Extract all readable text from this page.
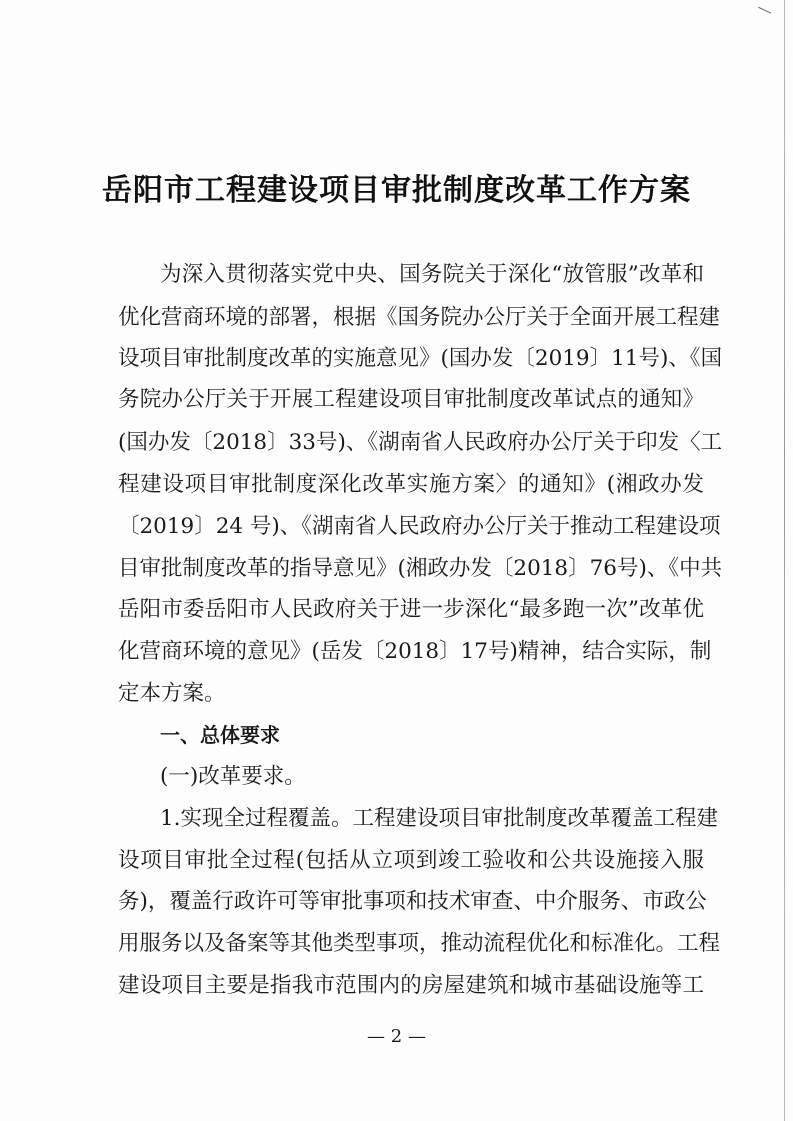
岳阳市工程建设项目审批制度改革工作方案

为深入贯彻落实党中央、国务院关于深化“放管服”改革和

优化营商环境的部署，根据《国务院办公厅关于全面开展工程建

设项目审批制度改革的实施意见》(国办发〔2019〕11号)、《国

务院办公厅关于开展工程建设项目审批制度改革试点的通知》

(国办发〔2018〕33号)、《湖南省人民政府办公厅关于印发〈工

程建设项目审批制度深化改革实施方案〉的通知》(湘政办发

〔2019〕24 号)、《湖南省人民政府办公厅关于推动工程建设项

目审批制度改革的指导意见》(湘政办发〔2018〕76号)、《中共

岳阳市委岳阳市人民政府关于进一步深化“最多跑一次”改革优

化营商环境的意见》(岳发〔2018〕17号)精神，结合实际，制

定本方案。

一、总体要求

(一)改革要求。

1.实现全过程覆盖。工程建设项目审批制度改革覆盖工程建

设项目审批全过程(包括从立项到竣工验收和公共设施接入服

务)，覆盖行政许可等审批事项和技术审查、中介服务、市政公

用服务以及备案等其他类型事项，推动流程优化和标准化。工程

建设项目主要是指我市范围内的房屋建筑和城市基础设施等工

— 2 —
